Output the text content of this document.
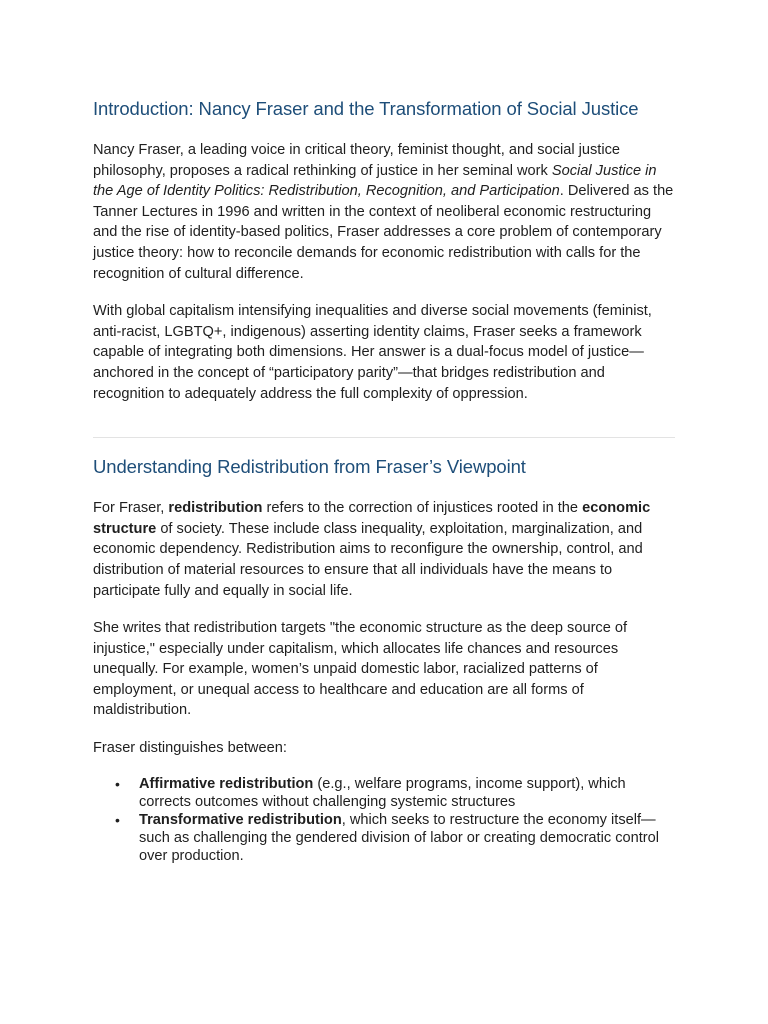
Introduction: Nancy Fraser and the Transformation of Social Justice

Nancy Fraser, a leading voice in critical theory, feminist thought, and social justice philosophy, proposes a radical rethinking of justice in her seminal work Social Justice in the Age of Identity Politics: Redistribution, Recognition, and Participation. Delivered as the Tanner Lectures in 1996 and written in the context of neoliberal economic restructuring and the rise of identity-based politics, Fraser addresses a core problem of contemporary justice theory: how to reconcile demands for economic redistribution with calls for the recognition of cultural difference.

With global capitalism intensifying inequalities and diverse social movements (feminist, anti-racist, LGBTQ+, indigenous) asserting identity claims, Fraser seeks a framework capable of integrating both dimensions. Her answer is a dual-focus model of justice—anchored in the concept of “participatory parity”—that bridges redistribution and recognition to adequately address the full complexity of oppression.

Understanding Redistribution from Fraser’s Viewpoint

For Fraser, redistribution refers to the correction of injustices rooted in the economic structure of society. These include class inequality, exploitation, marginalization, and economic dependency. Redistribution aims to reconfigure the ownership, control, and distribution of material resources to ensure that all individuals have the means to participate fully and equally in social life.

She writes that redistribution targets "the economic structure as the deep source of injustice," especially under capitalism, which allocates life chances and resources unequally. For example, women’s unpaid domestic labor, racialized patterns of employment, or unequal access to healthcare and education are all forms of maldistribution.

Fraser distinguishes between:

• Affirmative redistribution (e.g., welfare programs, income support), which corrects outcomes without challenging systemic structures
• Transformative redistribution, which seeks to restructure the economy itself—such as challenging the gendered division of labor or creating democratic control over production.
